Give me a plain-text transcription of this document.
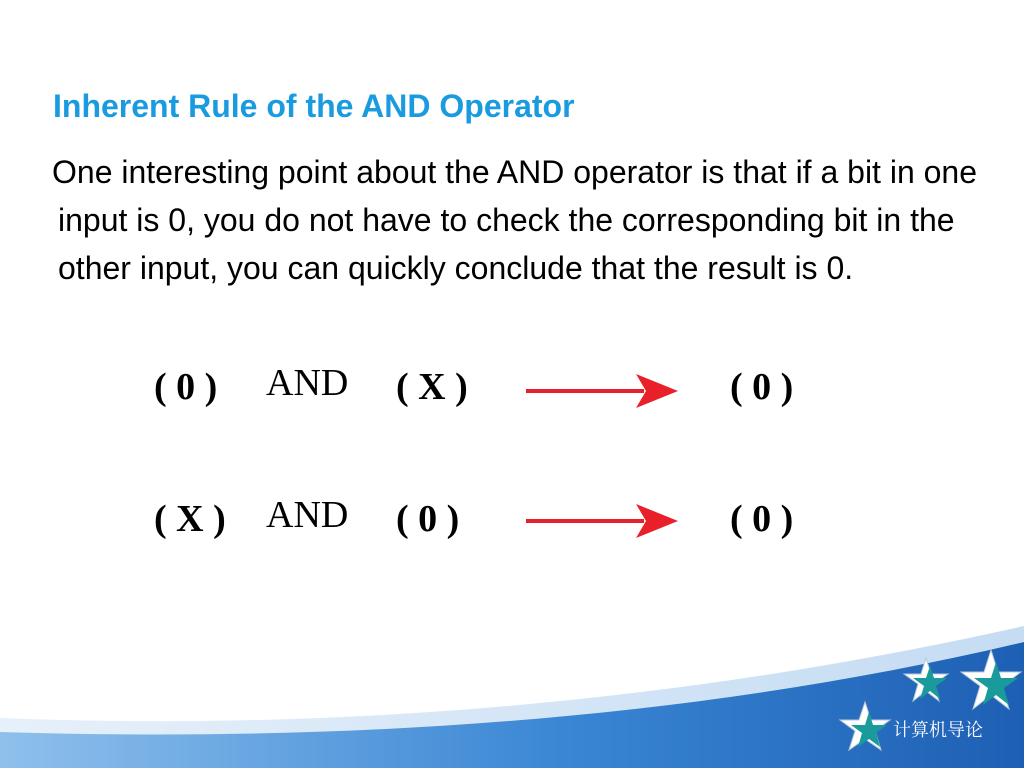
Inherent Rule of the AND Operator

One interesting point about the AND operator is that if a bit in one input is 0, you do not have to check the corresponding bit in the other input, you can quickly conclude that the result is 0.

( 0 ) AND ( X )	( 0 )
( X ) AND ( 0 )	( 0 )
计算机导论
